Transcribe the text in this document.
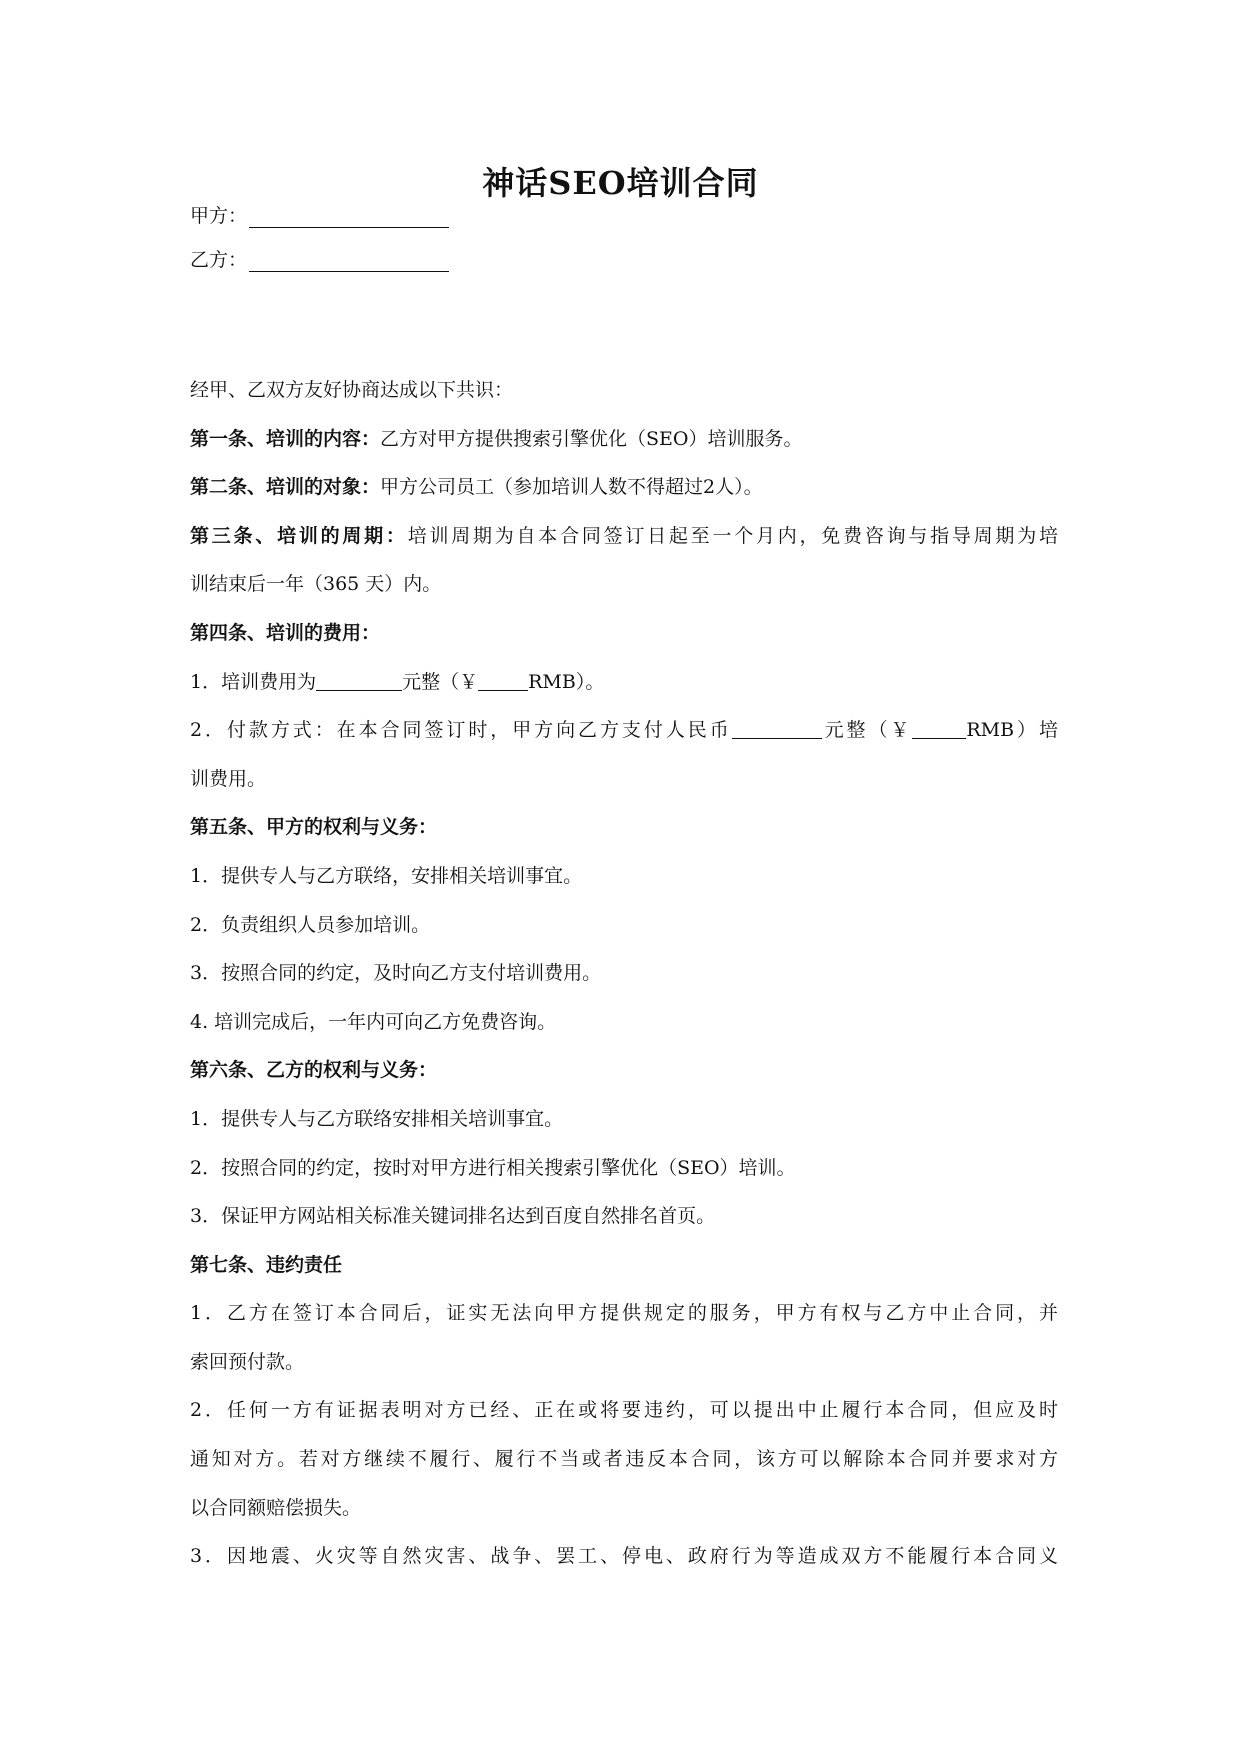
神话SEO培训合同
甲方：
乙方：

经甲、乙双方友好协商达成以下共识：

第一条、培训的内容：乙方对甲方提供搜索引擎优化（SEO）培训服务。

第二条、培训的对象：甲方公司员工（参加培训人数不得超过2人）。

第三条、培训的周期：培训周期为自本合同签订日起至一个月内，免费咨询与指导周期为培

训结束后一年（365 天）内。

第四条、培训的费用：

1．培训费用为	元整（￥	RMB）。

2．付款方式：在本合同签订时，甲方向乙方支付人民币	元整（￥	RMB）培

训费用。

第五条、甲方的权利与义务：

1．提供专人与乙方联络，安排相关培训事宜。

2．负责组织人员参加培训。

3．按照合同的约定，及时向乙方支付培训费用。

4. 培训完成后，一年内可向乙方免费咨询。

第六条、乙方的权利与义务：

1．提供专人与乙方联络安排相关培训事宜。

2．按照合同的约定，按时对甲方进行相关搜索引擎优化（SEO）培训。

3．保证甲方网站相关标准关键词排名达到百度自然排名首页。

第七条、违约责任

1．乙方在签订本合同后，证实无法向甲方提供规定的服务，甲方有权与乙方中止合同，并

索回预付款。

2．任何一方有证据表明对方已经、正在或将要违约，可以提出中止履行本合同，但应及时

通知对方。若对方继续不履行、履行不当或者违反本合同，该方可以解除本合同并要求对方

以合同额赔偿损失。

3．因地震、火灾等自然灾害、战争、罢工、停电、政府行为等造成双方不能履行本合同义
